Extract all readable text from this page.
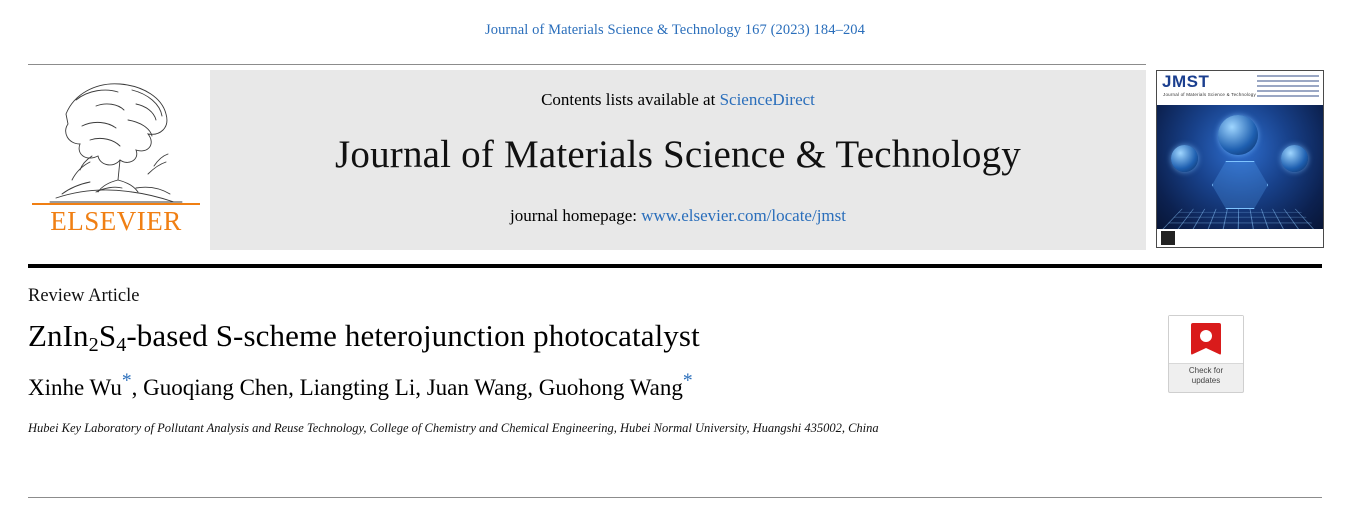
Journal of Materials Science & Technology 167 (2023) 184–204
ELSEVIER
Contents lists available at ScienceDirect
Journal of Materials Science & Technology
journal homepage: www.elsevier.com/locate/jmst
JMST
Journal of Materials Science & Technology
Review Article
$ZnIn_2S_4$-based S-scheme heterojunction photocatalyst
Xinhe Wu*, Guoqiang Chen, Liangting Li, Juan Wang, Guohong Wang*
Hubei Key Laboratory of Pollutant Analysis and Reuse Technology, College of Chemistry and Chemical Engineering, Hubei Normal University, Huangshi 435002, China
Check for
updates
